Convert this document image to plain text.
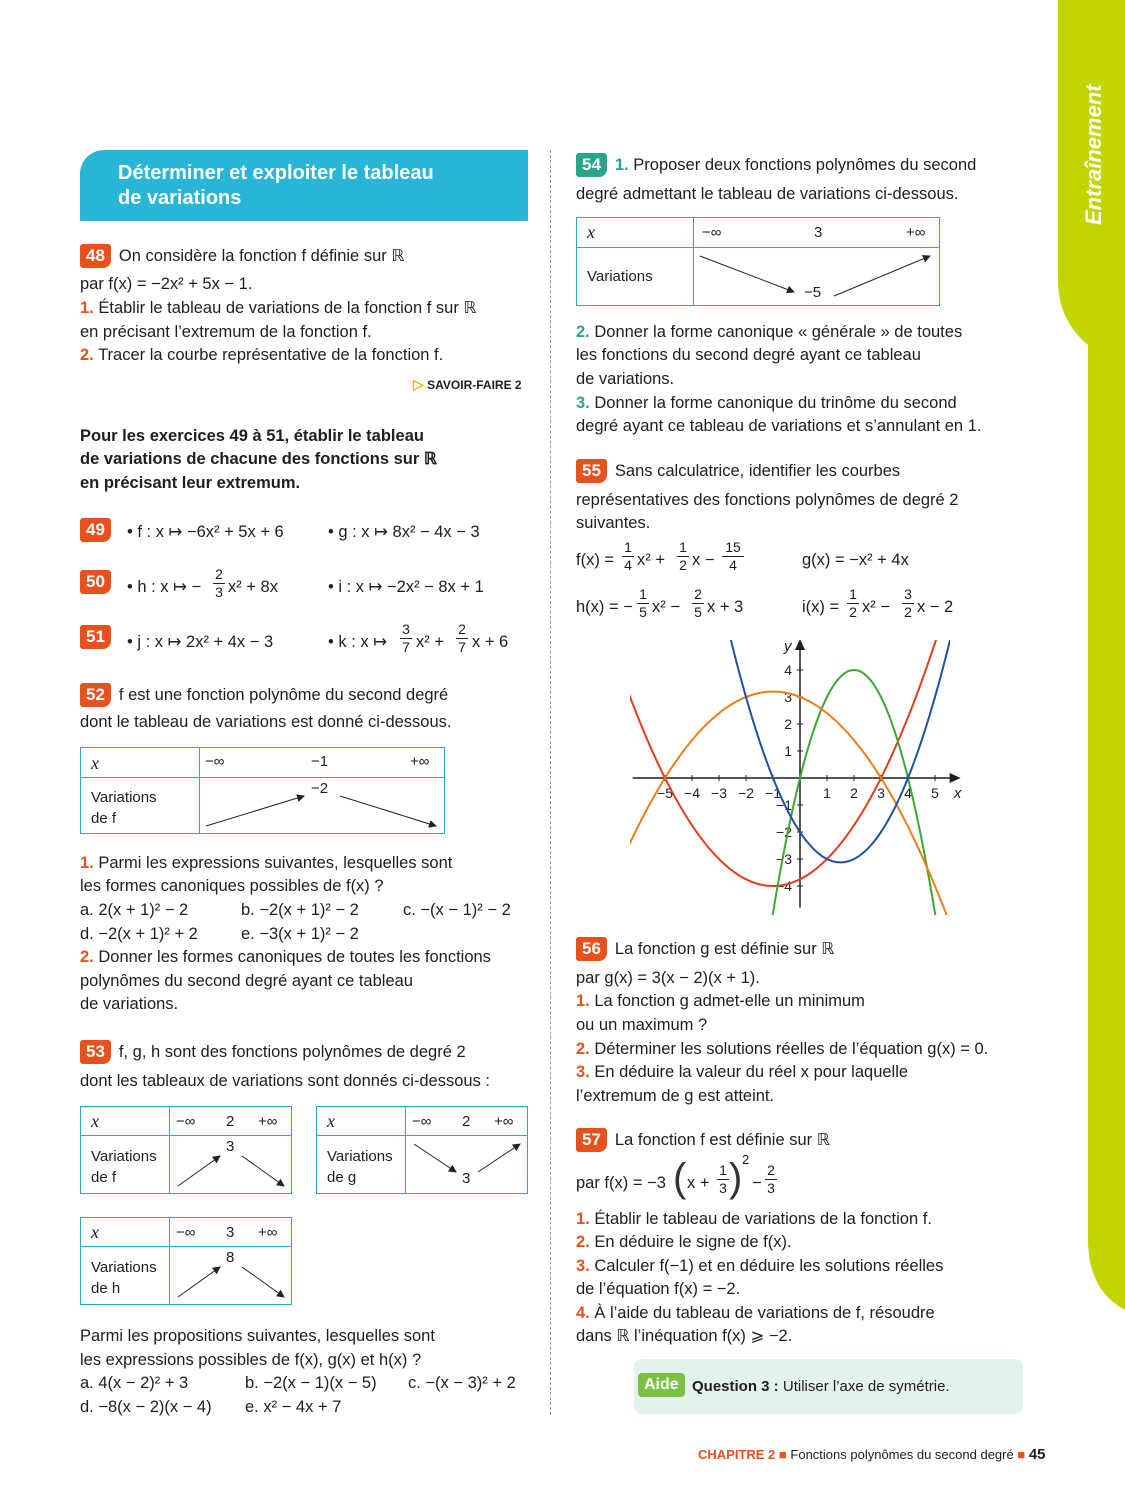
Entraînement
Déterminer et exploiter le tableau
de variations
48 On considère la fonction f définie sur ℝ
par f(x) = −2x² + 5x − 1.
1. Établir le tableau de variations de la fonction f sur ℝ
en précisant l’extremum de la fonction f.
2. Tracer la courbe représentative de la fonction f.
▷ SAVOIR-FAIRE 2
Pour les exercices 49 à 51, établir le tableau
de variations de chacune des fonctions sur ℝ
en précisant leur extremum.
49	• f : x ↦ −6x² + 5x + 6	• g : x ↦ 8x² − 4x − 3
50	• h : x ↦ − $\frac{2}{3} x^2 + 8x$	• i : x ↦ −2x² − 8x + 1
51	• j : x ↦ 2x² + 4x − 3	• k : x ↦ $\frac{3}{7} x^2 + \frac{2}{7}$ x + 6
52 f est une fonction polynôme du second degré
dont le tableau de variations est donné ci-dessous.
x	−∞ −1 +∞

Variations
de f	−2
1. Parmi les expressions suivantes, lesquelles sont
les formes canoniques possibles de f(x) ?
a. 2(x + 1)² − 2	b. −2(x + 1)² − 2	c. −(x − 1)² − 2
d. −2(x + 1)² + 2	e. −3(x + 1)² − 2
2. Donner les formes canoniques de toutes les fonctions
polynômes du second degré ayant ce tableau
de variations.
53 f, g, h sont des fonctions polynômes de degré 2
dont les tableaux de variations sont donnés ci-dessous :
x	−∞ 2 +∞

Variations
de f	3
x	−∞ 2 +∞

Variations
de g	3
x	−∞ 3 +∞

Variations
de h	8
Parmi les propositions suivantes, lesquelles sont
les expressions possibles de f(x), g(x) et h(x) ?
a. 4(x − 2)² + 3	b. −2(x − 1)(x − 5) c. −(x − 3)² + 2
d. −8(x − 2)(x − 4) e. x² − 4x + 7
54 1. Proposer deux fonctions polynômes du second
degré admettant le tableau de variations ci-dessous.
x	−∞ 3 +∞

Variations	−5
2. Donner la forme canonique « générale » de toutes
les fonctions du second degré ayant ce tableau
de variations.
3. Donner la forme canonique du trinôme du second
degré ayant ce tableau de variations et s’annulant en 1.
55 Sans calculatrice, identifier les courbes
représentatives des fonctions polynômes de degré 2
suivantes.
$f(x) = \frac{1}{4} x^2 + \frac{1}{2}$ $x - \frac{15}{4}$	g(x) = −x² + 4x
h(x) = − $\frac{1}{5} x^2 - \frac{2}{5}$ x + 3	$i(x) = \frac{1}{2} x^2 - \frac{3}{2}$ x − 2
−5 −4 −3 −2 −1	1 2 3 4 5
4
3
2
1
−1
−2
−3
−4
x
y
56 La fonction g est définie sur ℝ
par g(x) = 3(x − 2)(x + 1).
1. La fonction g admet-elle un minimum
ou un maximum ?
2. Déterminer les solutions réelles de l’équation g(x) = 0.
3. En déduire la valeur du réel x pour laquelle
l’extremum de g est atteint.
57 La fonction f est définie sur ℝ
par f(x) = −3 ( $x + \frac{1}{3}$ ) 2
− $\frac{2}{3}$
1. Établir le tableau de variations de la fonction f.
2. En déduire le signe de f(x).
3. Calculer f(−1) et en déduire les solutions réelles
de l’équation f(x) = −2.
4. À l’aide du tableau de variations de f, résoudre
dans ℝ l’inéquation f(x) ⩾ −2.
Aide Question 3 : Utiliser l’axe de symétrie.
CHAPITRE 2 ■ Fonctions polynômes du second degré ■ 45
